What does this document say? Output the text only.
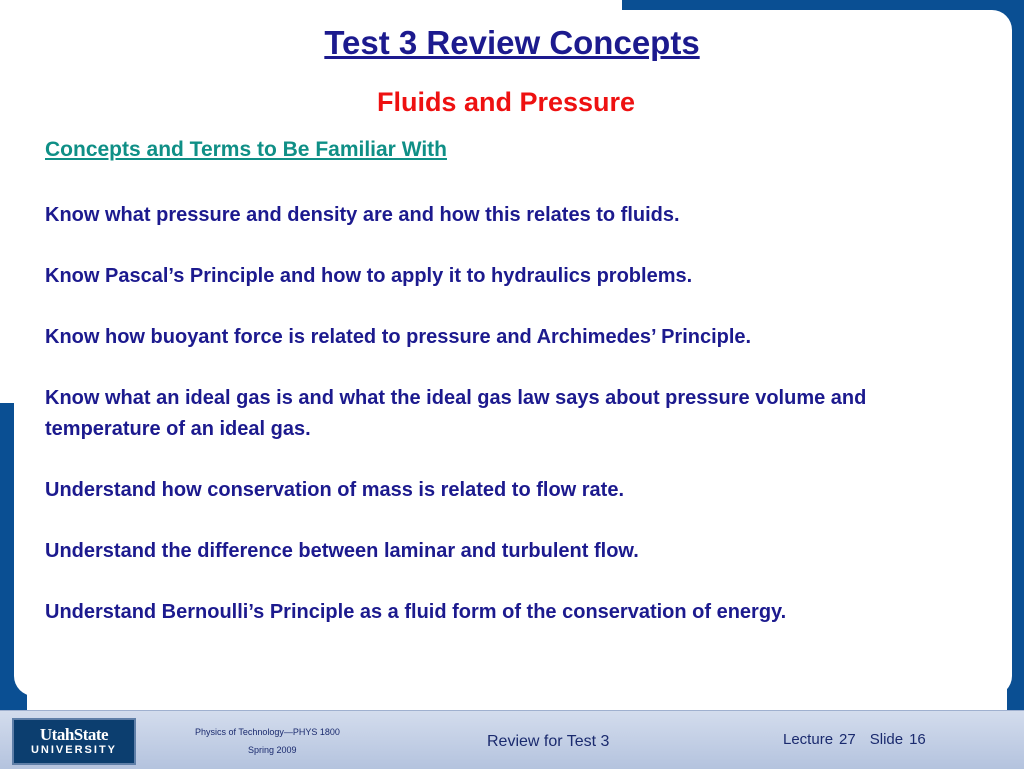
Test 3 Review Concepts
Fluids and Pressure
Concepts and Terms to Be Familiar With

Know what pressure and density are and how this relates to fluids.

Know Pascal’s Principle and how to apply it to hydraulics problems.

Know how buoyant force is related to pressure and Archimedes’ Principle.

Know what an ideal gas is and what the ideal gas law says about pressure volume and temperature of an ideal gas.

Understand how conservation of mass is related to flow rate.

Understand the difference between laminar and turbulent flow.

Understand Bernoulli’s Principle as a fluid form of the conservation of energy.

UtahState
UNIVERSITY
Physics of Technology—PHYS 1800
Spring 2009	Review for Test 3	Lecture 27 Slide 16
